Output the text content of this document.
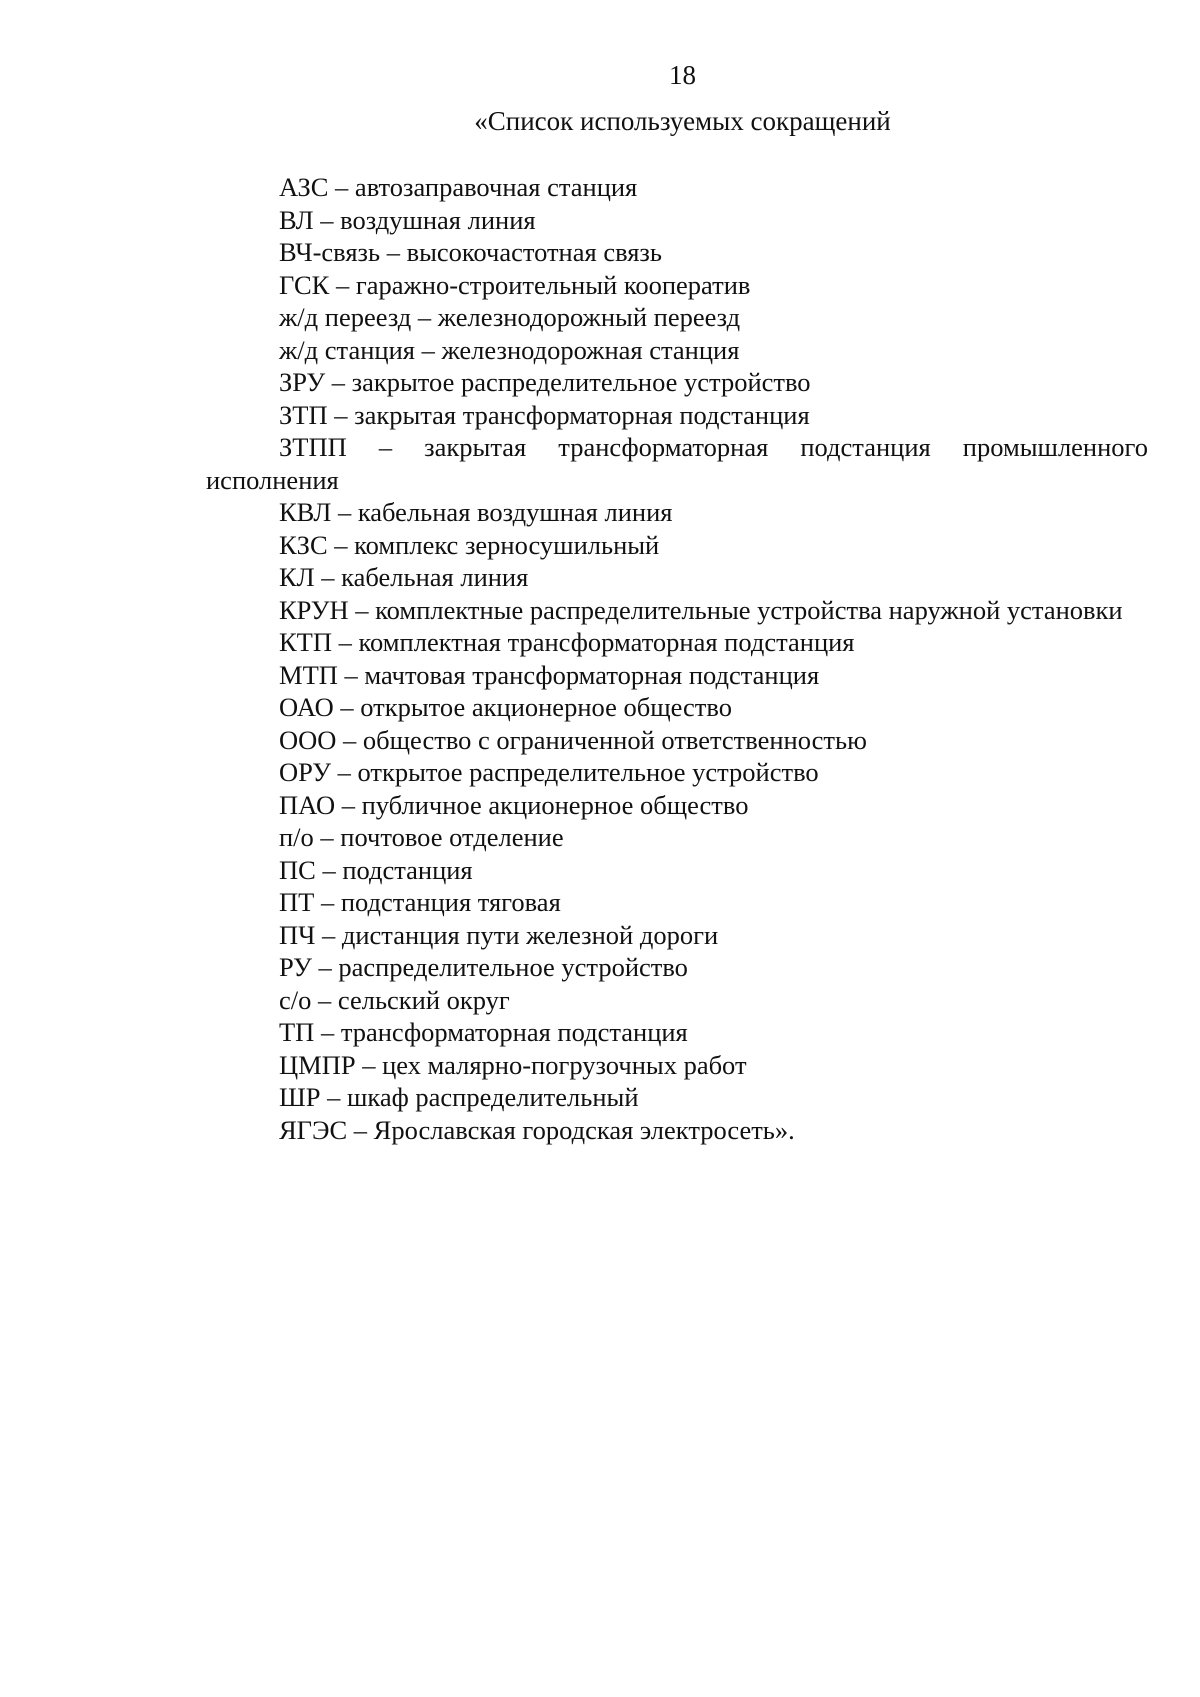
18
«Список используемых сокращений
АЗС – автозаправочная станция
ВЛ – воздушная линия
ВЧ-связь – высокочастотная связь
ГСК – гаражно-строительный кооператив
ж/д переезд – железнодорожный переезд
ж/д станция – железнодорожная станция
ЗРУ – закрытое распределительное устройство
ЗТП – закрытая трансформаторная подстанция
ЗТПП – закрытая трансформаторная подстанция промышленного исполнения
КВЛ – кабельная воздушная линия
КЗС – комплекс зерносушильный
КЛ – кабельная линия
КРУН – комплектные распределительные устройства наружной установки
КТП – комплектная трансформаторная подстанция
МТП – мачтовая трансформаторная подстанция
ОАО – открытое акционерное общество
ООО – общество с ограниченной ответственностью
ОРУ – открытое распределительное устройство
ПАО – публичное акционерное общество
п/о – почтовое отделение
ПС – подстанция
ПТ – подстанция тяговая
ПЧ – дистанция пути железной дороги
РУ – распределительное устройство
с/о – сельский округ
ТП – трансформаторная подстанция
ЦМПР – цех малярно-погрузочных работ
ШР – шкаф распределительный
ЯГЭС – Ярославская городская электросеть».
